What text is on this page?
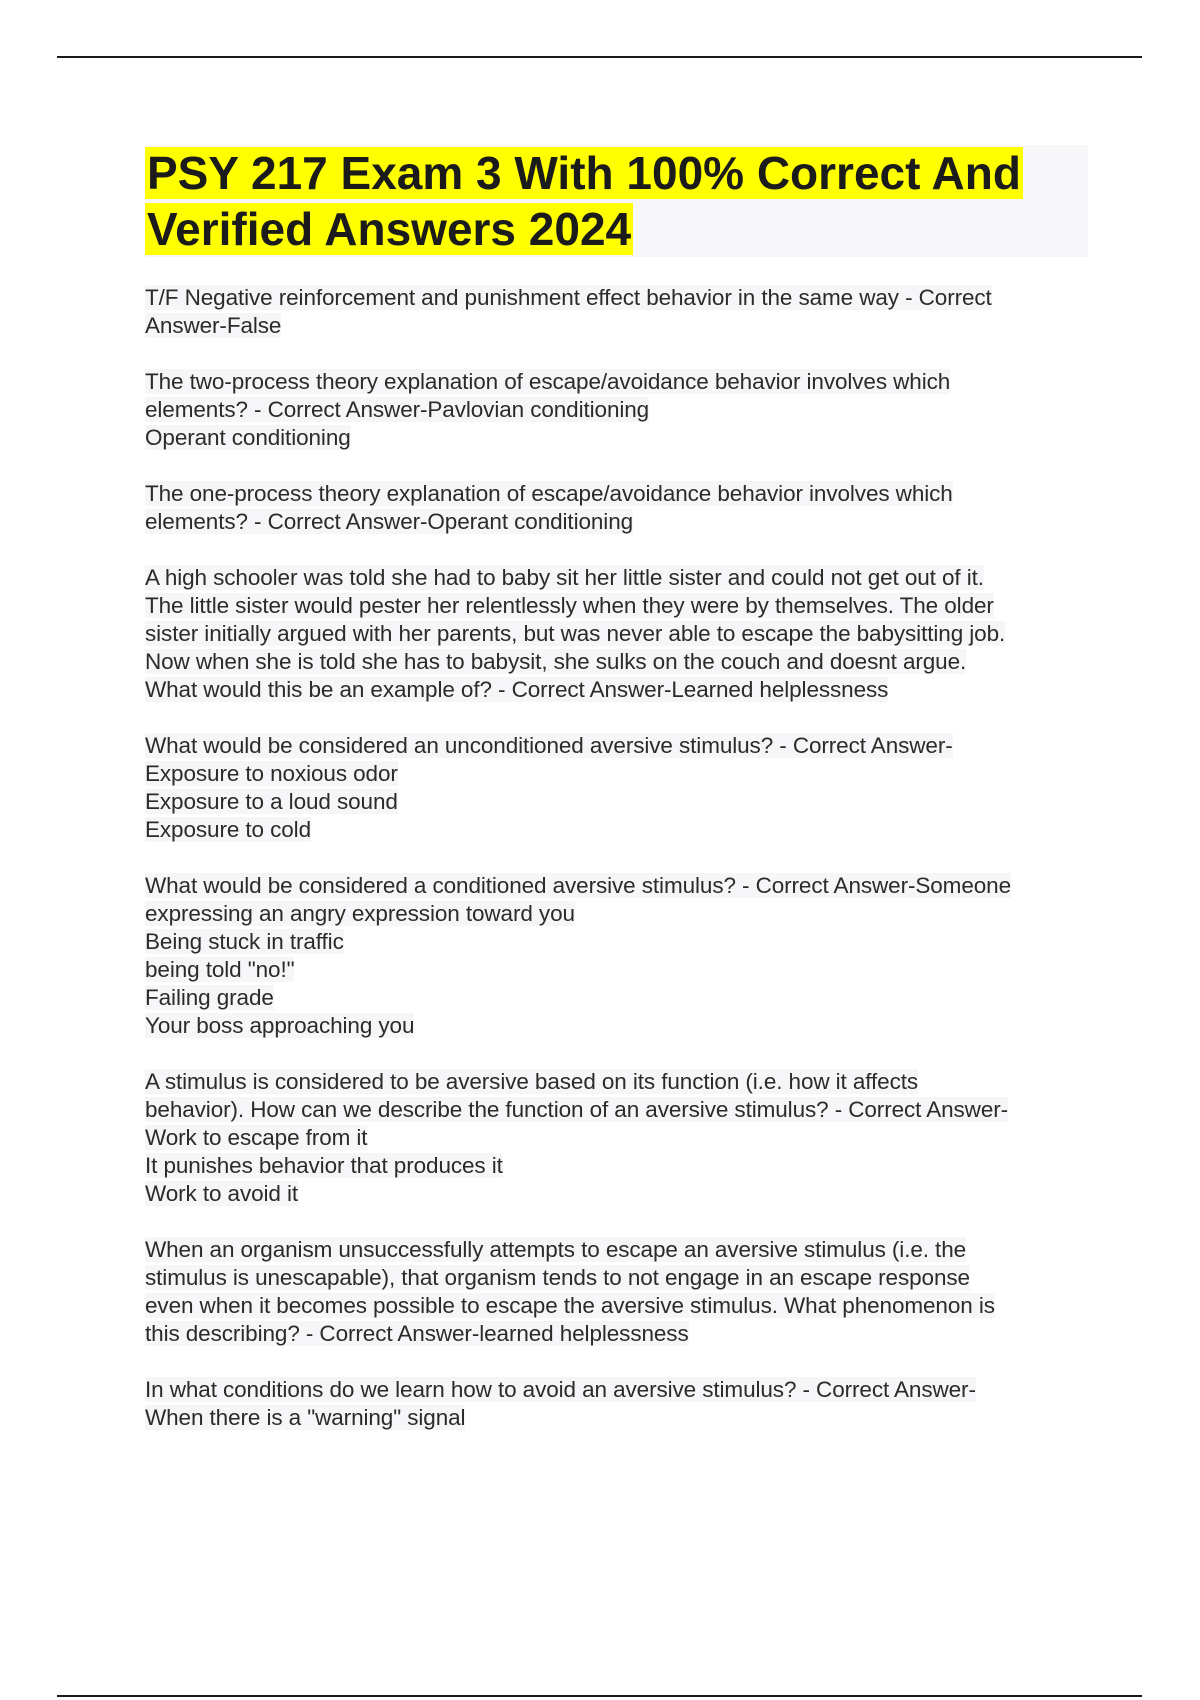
PSY 217 Exam 3 With 100% Correct And
Verified Answers 2024

T/F Negative reinforcement and punishment effect behavior in the same way - Correct
Answer-False

The two-process theory explanation of escape/avoidance behavior involves which
elements? - Correct Answer-Pavlovian conditioning
Operant conditioning

The one-process theory explanation of escape/avoidance behavior involves which
elements? - Correct Answer-Operant conditioning

A high schooler was told she had to baby sit her little sister and could not get out of it.
The little sister would pester her relentlessly when they were by themselves. The older
sister initially argued with her parents, but was never able to escape the babysitting job.
Now when she is told she has to babysit, she sulks on the couch and doesnt argue.
What would this be an example of? - Correct Answer-Learned helplessness

What would be considered an unconditioned aversive stimulus? - Correct Answer-
Exposure to noxious odor
Exposure to a loud sound
Exposure to cold

What would be considered a conditioned aversive stimulus? - Correct Answer-Someone
expressing an angry expression toward you
Being stuck in traffic
being told "no!"
Failing grade
Your boss approaching you

A stimulus is considered to be aversive based on its function (i.e. how it affects
behavior). How can we describe the function of an aversive stimulus? - Correct Answer-
Work to escape from it
It punishes behavior that produces it
Work to avoid it

When an organism unsuccessfully attempts to escape an aversive stimulus (i.e. the
stimulus is unescapable), that organism tends to not engage in an escape response
even when it becomes possible to escape the aversive stimulus. What phenomenon is
this describing? - Correct Answer-learned helplessness

In what conditions do we learn how to avoid an aversive stimulus? - Correct Answer-
When there is a "warning" signal
